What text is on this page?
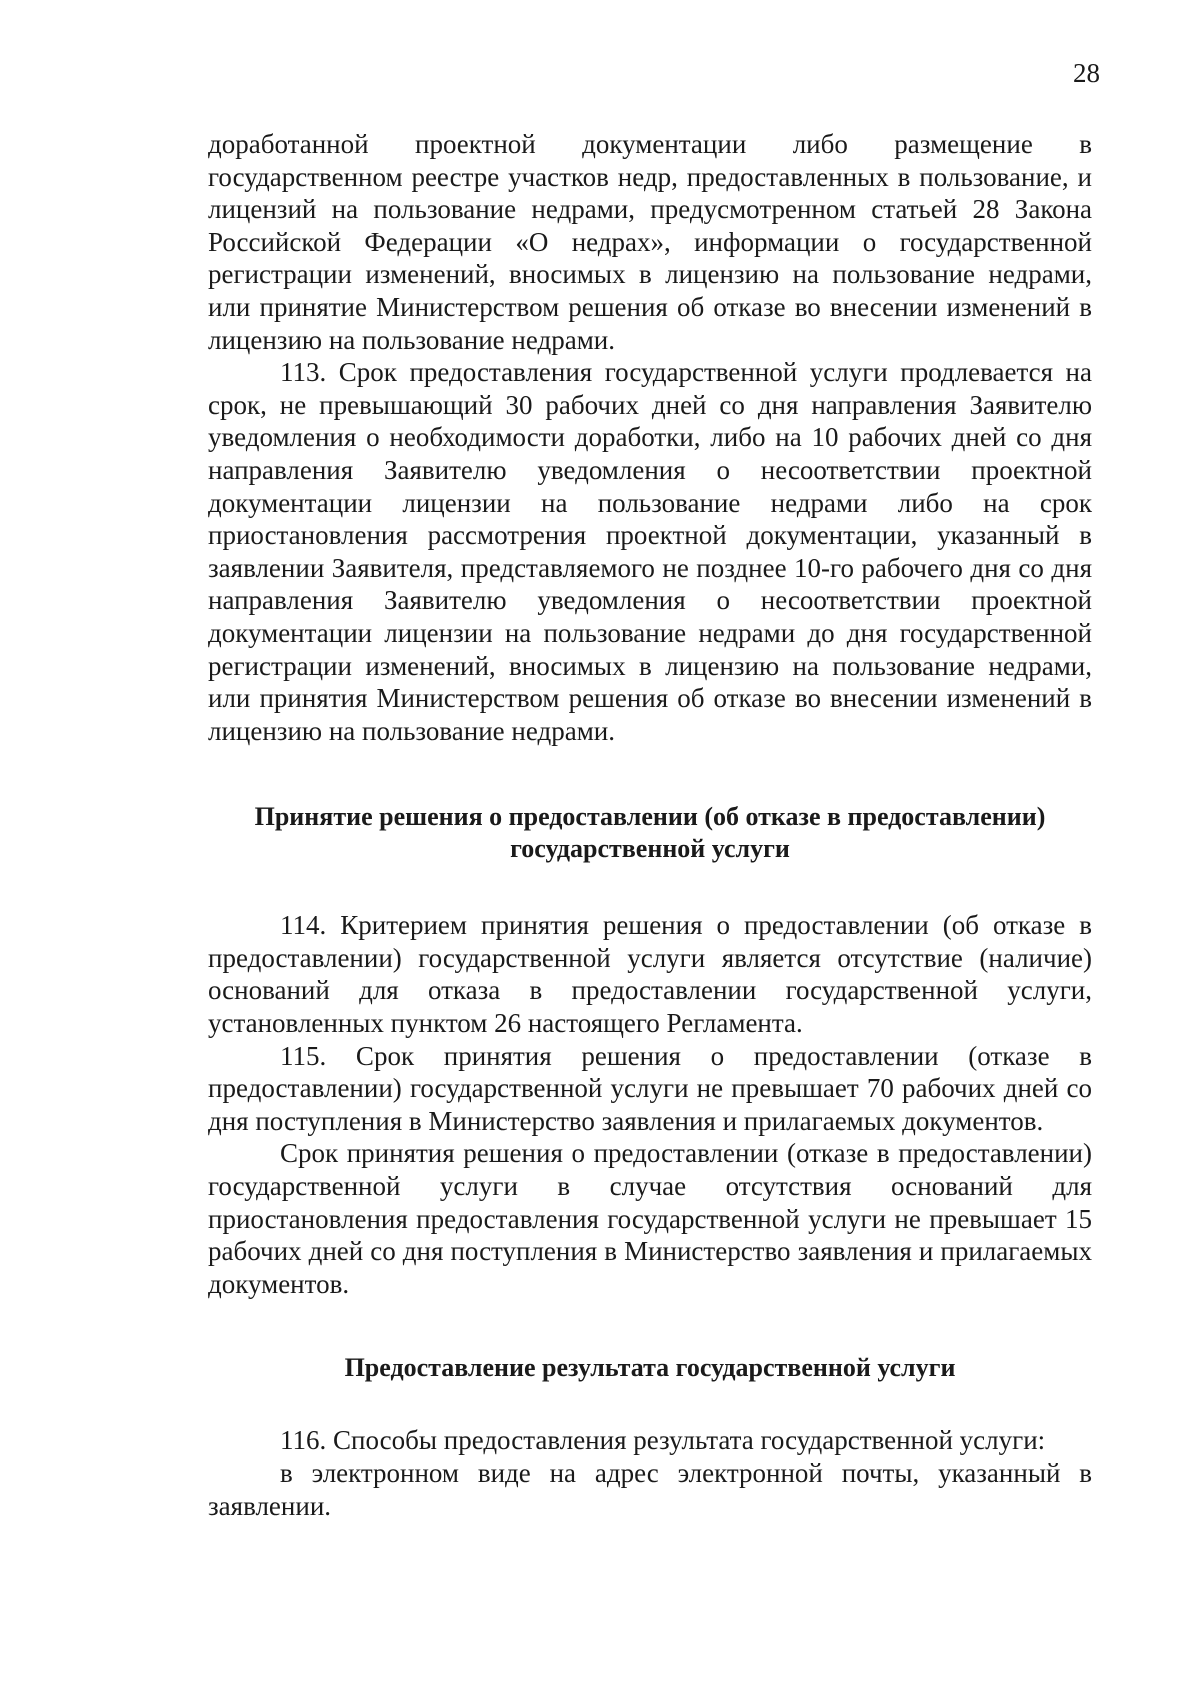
28

доработанной проектной документации либо размещение в государственном реестре участков недр, предоставленных в пользование, и лицензий на пользование недрами, предусмотренном статьей 28 Закона Российской Федерации «О недрах», информации о государственной регистрации изменений, вносимых в лицензию на пользование недрами, или принятие Министерством решения об отказе во внесении изменений в лицензию на пользование недрами.

113. Срок предоставления государственной услуги продлевается на срок, не превышающий 30 рабочих дней со дня направления Заявителю уведомления о необходимости доработки, либо на 10 рабочих дней со дня направления Заявителю уведомления о несоответствии проектной документации лицензии на пользование недрами либо на срок приостановления рассмотрения проектной документации, указанный в заявлении Заявителя, представляемого не позднее 10-го рабочего дня со дня направления Заявителю уведомления о несоответствии проектной документации лицензии на пользование недрами до дня государственной регистрации изменений, вносимых в лицензию на пользование недрами, или принятия Министерством решения об отказе во внесении изменений в лицензию на пользование недрами.

Принятие решения о предоставлении (об отказе в предоставлении)
государственной услуги

114. Критерием принятия решения о предоставлении (об отказе в предоставлении) государственной услуги является отсутствие (наличие) оснований для отказа в предоставлении государственной услуги, установленных пунктом 26 настоящего Регламента.

115. Срок принятия решения о предоставлении (отказе в предоставлении) государственной услуги не превышает 70 рабочих дней со дня поступления в Министерство заявления и прилагаемых документов.

Срок принятия решения о предоставлении (отказе в предоставлении) государственной услуги в случае отсутствия оснований для приостановления предоставления государственной услуги не превышает 15 рабочих дней со дня поступления в Министерство заявления и прилагаемых документов.

Предоставление результата государственной услуги

116. Способы предоставления результата государственной услуги:

в электронном виде на адрес электронной почты, указанный в заявлении.
